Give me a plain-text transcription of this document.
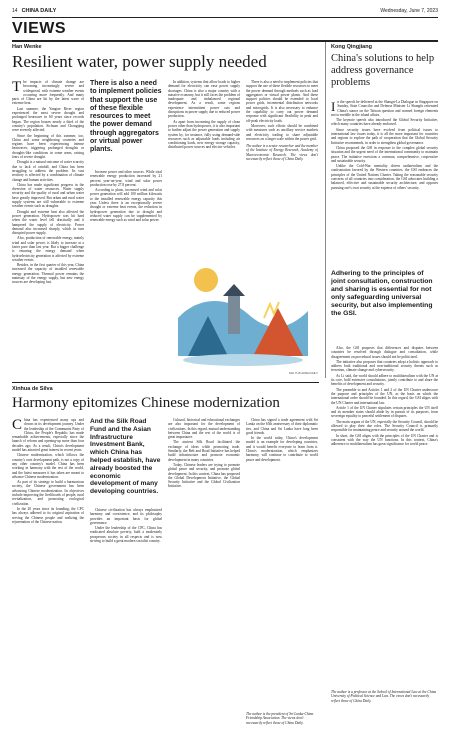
14 CHINA DAILY	Wednesday, June 7, 2023
VIEWS
Han Wenke
Resilient water, power supply needed

The impacts of climate change are becoming increasingly severe and widespread, with extreme weather events occurring more frequently. And many parts of China are hit by the latest wave of extreme heat.

Last summer, the Yangtze River region experienced the most severe drought and prolonged heatwave in 60 years since records began. The region houses nearly a third of the country's population. Sichuan and Chongqing were severely affected.

Since the beginning of this summer, too, China and some neighboring countries and regions have been experiencing intense heatwaves, triggering prolonged droughts or droughts-like conditions in some areas, raising fears of severe drought.

Drought is a natural outcome of water scarcity due to lack of rainfall, and China has been struggling to address the problem. Its vast territory is affected by a combination of climate change and human activities.

China has made significant progress in the diversion of water resources. Water supply security and the quality of rural and urban water have greatly improved. But urban and rural water supply systems are still vulnerable to extreme weather events such as droughts.

Drought and extreme heat also affected the power generation. Hydropower was hit hard when the water level fell drastically and it hampered the supply of electricity. Power demand also increased sharply, which in turn disrupted power supply.

Also, production of renewable energy, mainly wind and solar power, is likely to increase at a faster pace than last year. But a bigger challenge is ensuring the energy demand when hydroelectricity generation is affected by extreme weather events.

Besides, in the first quarter of this year, China increased the capacity of installed renewable energy generation. Thermal power remains the mainstay of the energy supply, but new energy sources are developing fast.

There is also a need to implement policies that support the use of these flexible resources to meet the power demand through aggregators or virtual power plants.

Increase power and other sources. While total renewable energy production increased by 21 percent year-on-year, wind and solar power production rose by 27.8 percent.

According to plans, increased wind and solar power generation will add 100 million kilowatts to the installed renewable energy capacity this year. Unless there is an exceptionally severe drought or extreme heat events, the reduction in hydropower generation due to drought and reduced water supply can be supplemented by renewable energy such as wind and solar power.

In addition, systems that allow loads to higher demand for electricity can ease power supply shortages. China is also a major country with a massive economy, but it still faces the problem of inadequate and imbalanced regional development. As a result, some regions experience intermittent power cuts and disruptions in power supply due to reduced power production.

As apart from increasing the supply of clean power other than hydropower, it is also important to further adjust the power generation and supply system by, for instance, fully using demand-side resources such as adjustable loads including air conditioning loads, new energy storage capacity, distributed power sources and electric vehicles.

There is also a need to implement policies that support the use of these flexible resources to meet the power demand through methods such as load aggregators or virtual power plants. And these support policies should be extended to local power grids, incremental distribution networks and microgrids. It is also necessary to enhance the capability to carry out power demand response with significant flexibility in peak and off-peak electricity loads.

Moreover, such efforts should be combined with measures such as ancillary service markets and electricity trading to share adjustable resources on a larger scale within the power grid.

The author is a senior researcher and the member of the Institute of Energy Research, Academy of Macroeconomic Research. The views don't necessarily reflect those of China Daily.

SHI YU/CHINA DAILY
Kong Qingjiang
China's solutions to help address governance problems

In the speech he delivered at the Shangri-La Dialogue in Singapore on Sunday, State Councilor and Defense Minister Li Shangfu reiterated China's stance on the Taiwan question and warned foreign elements not to meddle in the island affairs.

The keynote speech also introduced the Global Security Initiative, which many countries have already endorsed.

Since security issues have evolved from political issues to international law issues today, it is all the more important for countries and regions to explore the path of cooperation that the Global Security Initiative recommends, in order to strengthen global governance.

China proposed the GSI in response to the complex global security situation and the urgent need of the international community to maintain peace. The initiative envisions a common, comprehensive, cooperative and sustainable security.

Unlike the Cold-War mentality driven unilateralism and the confrontation favored by the Western countries, the GSI embraces the principles of the United Nations Charter. Taking the reasonable security concerns of all countries into consideration, the GSI advocates building a balanced, effective and sustainable security architecture, and opposes pursuing one's own security at the expense of others' security.

Adhering to the principles of joint consultation, construction and sharing is essential for not only safeguarding universal security, but also implementing the GSI.

Also, the GSI proposes that differences and disputes between countries be resolved through dialogue and consultation, while disagreement on procedural issues should not be politicized.

The initiative also proposes that countries adopt a holistic approach to address both traditional and non-traditional security threats such as terrorism, climate change and cybersecurity.

As Li said, the world should adhere to multilateralism with the UN at its core, hold extensive consultations, jointly contribute to and share the benefits of development and security.

The preamble to and Articles 1 and 2 of the UN Charter underscore the purpose and principles of the UN, as the basis on which the international order should be founded. In this regard, the GSI aligns with the UN Charter and international law.

Article 1 of the UN Charter stipulates certain principles the UN itself and its member states should abide by in pursuit of its purposes, from sovereign equality to peaceful settlement of disputes.

The main organs of the UN, especially the Security Council, should be allowed to play their due roles. The Security Council is primarily responsible for maintaining peace and security around the world.

In short, the GSI aligns with the principles of the UN Charter and is consistent with the way the UN functions. In this context, China's adherence to multilateralism has great significance for world peace.

The author is a professor at the School of International Law at the China University of Political Science and Law. The views don't necessarily reflect those of China Daily.
Xinhua de Silva
Harmony epitomizes Chinese modernization

China has experienced many ups and downs in its development journey. Under the leadership of the Communist Party of China, the People's Republic has made remarkable achievements, especially since the launch of reform and opening-up more than four decades ago. As a result, China's development model has attracted great interest in recent years.

Chinese modernization, which follows the country's own development path, is not a copy of any other country's model. China has been working in harmony with the rest of the world, and the latest measures it has taken are meant to advance Chinese modernization.

As part of its strategy to build a harmonious society, the Chinese government has been advancing Chinese modernization. Its objectives include improving the livelihoods of people, rural revitalization, and promoting ecological civilization.

In the 20 years since its founding, the CPC has always adhered to its original aspiration of serving the Chinese people and realizing the rejuvenation of the Chinese nation.

And the Silk Road Fund and the Asian Infrastructure Investment Bank, which China has helped establish, have already boosted the economic development of many developing countries.

Chinese civilization has always emphasized harmony and coexistence, and its philosophy provides an important basis for global governance.

Under the leadership of the CPC, China has eradicated absolute poverty, built a moderately prosperous society in all respects and is now striving to build a great modern socialist country.

Cultural, historical and educational exchanges are also important for the development of civilizations. In this regard, mutual understanding between China and the rest of the world is of great importance.

The ancient Silk Road facilitated the exchange of ideas while promoting trade. Similarly, the Belt and Road Initiative has helped build infrastructure and promote economic development in many countries.

Today, Chinese leaders are trying to promote global peace and security, and promote global development. In this context, China has proposed the Global Development Initiative, the Global Security Initiative and the Global Civilization Initiative.

China has signed a trade agreement with Sri Lanka on the 65th anniversary of their diplomatic ties, and China and Sri Lanka have long been good friends.

In the world today, China's development model is an example for developing countries, and it would benefit everyone to learn from it. China's modernization, which emphasizes harmony, will continue to contribute to world peace and development.

The author is the president of Sri Lanka-China Friendship Association. The views don't necessarily reflect those of China Daily.
